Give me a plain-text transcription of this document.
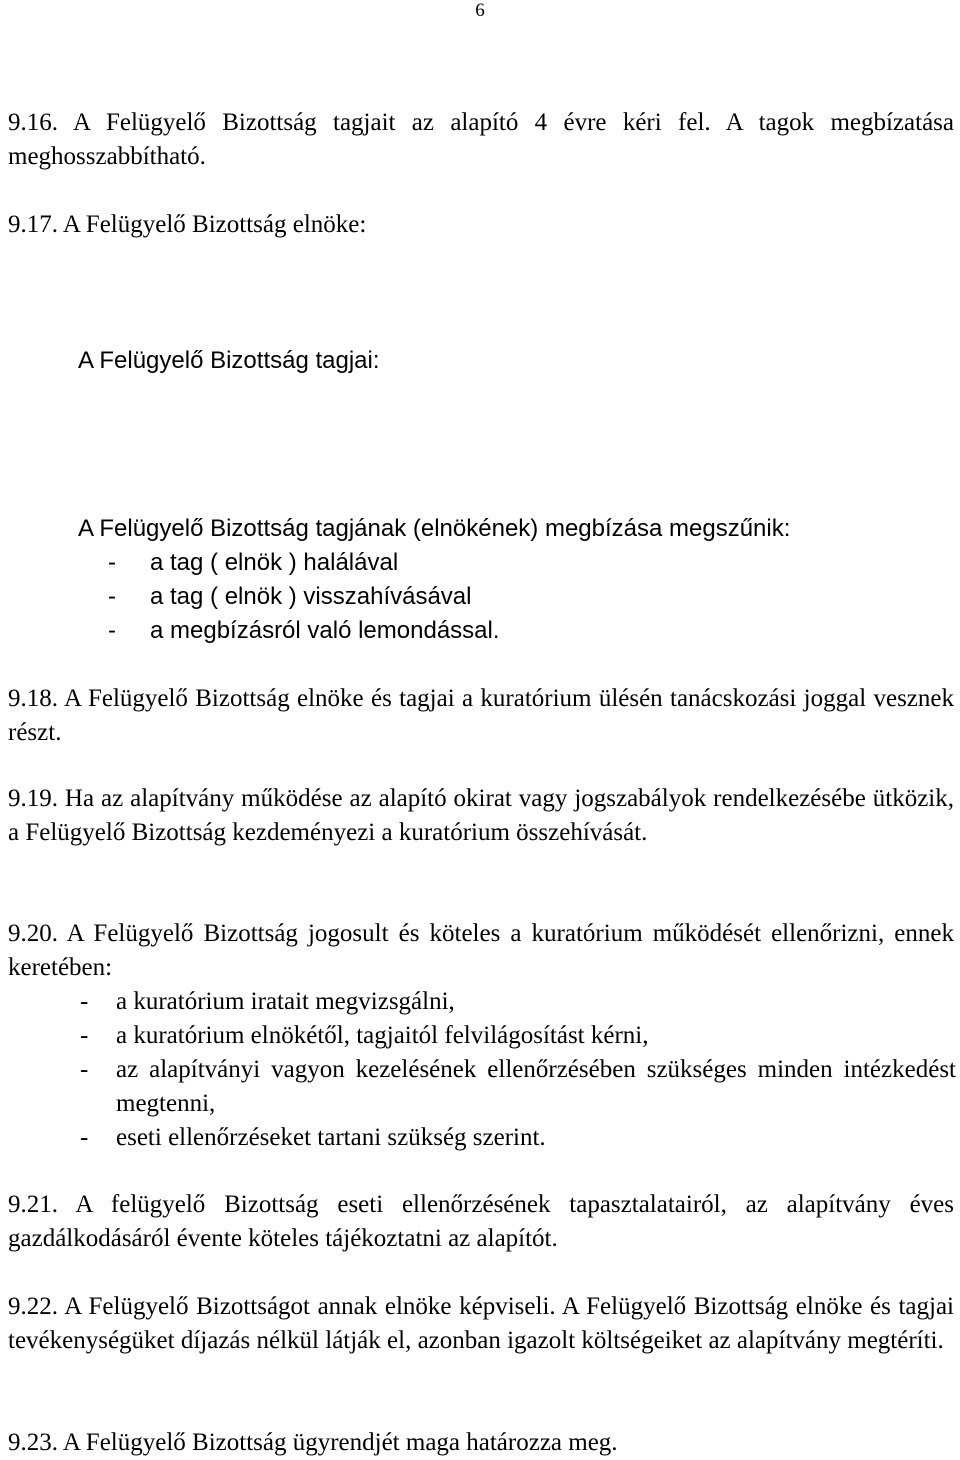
6

9.16. A Felügyelő Bizottság tagjait az alapító 4 évre kéri fel. A tagok megbízatása meghosszabbítható.

9.17. A Felügyelő Bizottság elnöke:

A Felügyelő Bizottság tagjai:

A Felügyelő Bizottság tagjának (elnökének) megbízása megszűnik:

- a tag ( elnök ) halálával
- a tag ( elnök ) visszahívásával
- a megbízásról való lemondással.

9.18. A Felügyelő Bizottság elnöke és tagjai a kuratórium ülésén tanácskozási joggal vesznek részt.

9.19. Ha az alapítvány működése az alapító okirat vagy jogszabályok rendelkezésébe ütközik, a Felügyelő Bizottság kezdeményezi a kuratórium összehívását.

9.20. A Felügyelő Bizottság jogosult és köteles a kuratórium működését ellenőrizni, ennek keretében:

- a kuratórium iratait megvizsgálni,
- a kuratórium elnökétől, tagjaitól felvilágosítást kérni,
- az alapítványi vagyon kezelésének ellenőrzésében szükséges minden intézkedést megtenni,
- eseti ellenőrzéseket tartani szükség szerint.

9.21. A felügyelő Bizottság eseti ellenőrzésének tapasztalatairól, az alapítvány éves gazdálkodásáról évente köteles tájékoztatni az alapítót.

9.22. A Felügyelő Bizottságot annak elnöke képviseli. A Felügyelő Bizottság elnöke és tagjai tevékenységüket díjazás nélkül látják el, azonban igazolt költségeiket az alapítvány megtéríti.

9.23. A Felügyelő Bizottság ügyrendjét maga határozza meg.
